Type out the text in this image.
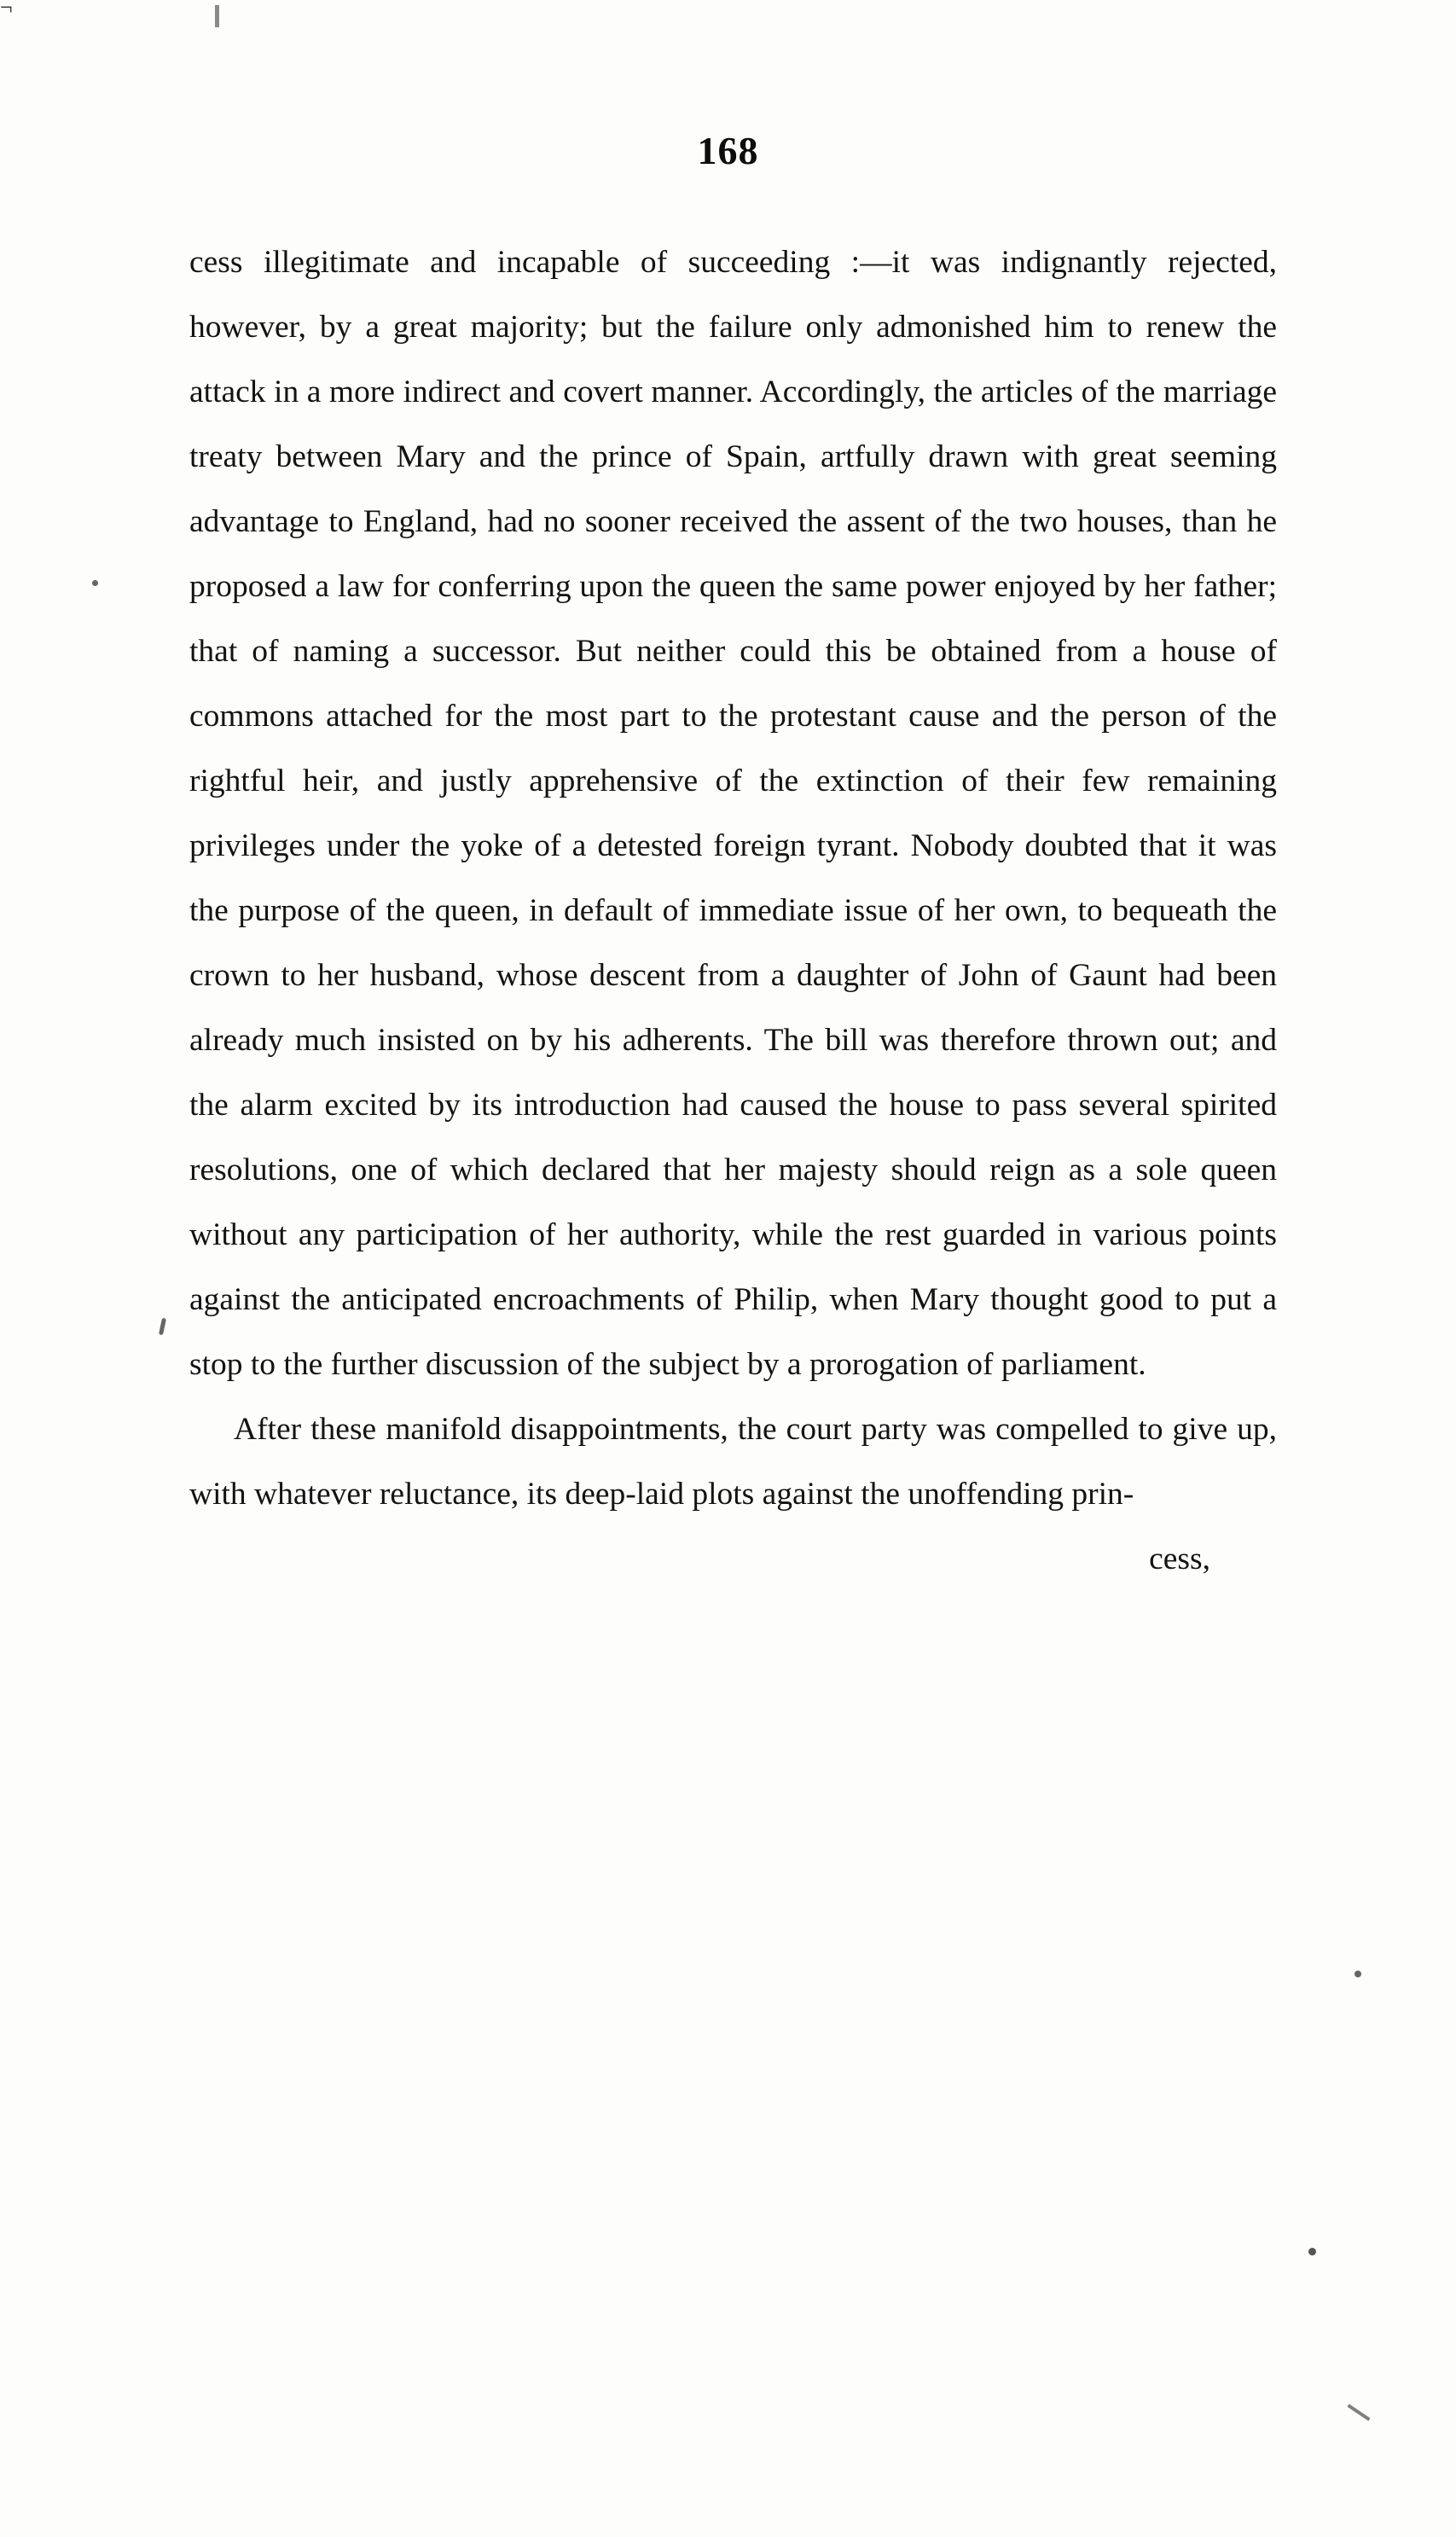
168

cess illegitimate and incapable of succeeding :—it was indignantly rejected, however, by a great majority; but the failure only admonished him to renew the attack in a more indirect and covert manner. Accordingly, the articles of the marriage treaty between Mary and the prince of Spain, artfully drawn with great seeming advantage to England, had no sooner received the assent of the two houses, than he proposed a law for conferring upon the queen the same power enjoyed by her father; that of naming a successor. But neither could this be obtained from a house of commons attached for the most part to the protestant cause and the person of the rightful heir, and justly apprehensive of the extinction of their few remaining privileges under the yoke of a detested foreign tyrant. Nobody doubted that it was the purpose of the queen, in default of immediate issue of her own, to bequeath the crown to her husband, whose descent from a daughter of John of Gaunt had been already much insisted on by his adherents. The bill was therefore thrown out; and the alarm excited by its introduction had caused the house to pass several spirited resolutions, one of which declared that her majesty should reign as a sole queen without any participation of her authority, while the rest guarded in various points against the anticipated encroachments of Philip, when Mary thought good to put a stop to the further discussion of the subject by a prorogation of parliament.

After these manifold disappointments, the court party was compelled to give up, with whatever reluctance, its deep-laid plots against the unoffending prin-

cess,

¬
